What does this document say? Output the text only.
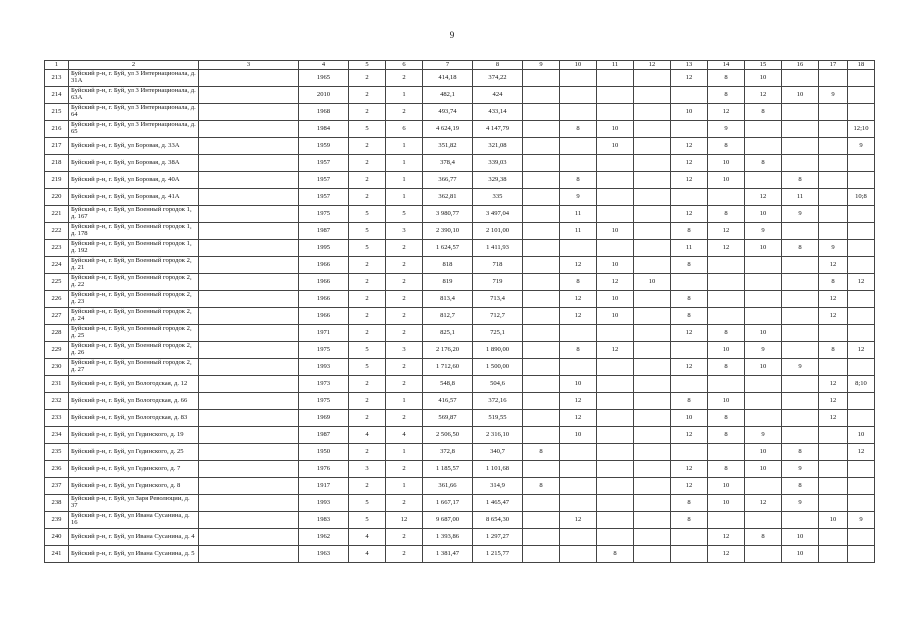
9
1	2	3	4	5	6	7	8	9	10	11	12	13	14	15	16	17	18
213	Буйский р-н, г. Буй, ул 3 Интернационала, д. 31А		1965	2	2	414,18	374,22					12	8	10			
214	Буйский р-н, г. Буй, ул 3 Интернационала, д. 63А		2010	2	1	482,1	424						8	12	10	9	
215	Буйский р-н, г. Буй, ул 3 Интернационала, д. 64		1968	2	2	493,74	433,14					10	12	8			
216	Буйский р-н, г. Буй, ул 3 Интернационала, д. 65		1984	5	6	4 624,19	4 147,79		8	10			9				12;10
217	Буйский р-н, г. Буй, ул Боровая, д. 33А		1959	2	1	351,82	321,08			10		12	8				9
218	Буйский р-н, г. Буй, ул Боровая, д. 38А		1957	2	1	378,4	339,03					12	10	8			
219	Буйский р-н, г. Буй, ул Боровая, д. 40А		1957	2	1	366,77	329,38		8			12	10		8		
220	Буйский р-н, г. Буй, ул Боровая, д. 41А		1957	2	1	362,81	335		9					12	11		10;8
221	Буйский р-н, г. Буй, ул Военный городок 1, д. 167		1975	5	5	3 980,77	3 497,04		11			12	8	10	9		
222	Буйский р-н, г. Буй, ул Военный городок 1, д. 178		1987	5	3	2 390,10	2 101,00		11	10		8	12	9			
223	Буйский р-н, г. Буй, ул Военный городок 1, д. 192		1995	5	2	1 624,57	1 411,93					11	12	10	8	9	
224	Буйский р-н, г. Буй, ул Военный городок 2, д. 21		1966	2	2	818	718		12	10		8				12	
225	Буйский р-н, г. Буй, ул Военный городок 2, д. 22		1966	2	2	819	719		8	12	10					8	12
226	Буйский р-н, г. Буй, ул Военный городок 2, д. 23		1966	2	2	813,4	713,4		12	10		8				12	
227	Буйский р-н, г. Буй, ул Военный городок 2, д. 24		1966	2	2	812,7	712,7		12	10		8				12	
228	Буйский р-н, г. Буй, ул Военный городок 2, д. 25		1971	2	2	825,1	725,1					12	8	10			
229	Буйский р-н, г. Буй, ул Военный городок 2, д. 26		1975	5	3	2 176,20	1 890,00		8	12			10	9		8	12
230	Буйский р-н, г. Буй, ул Военный городок 2, д. 27		1993	5	2	1 712,60	1 500,00					12	8	10	9		
231	Буйский р-н, г. Буй, ул Вологодская, д. 12		1973	2	2	548,8	504,6		10							12	8;10
232	Буйский р-н, г. Буй, ул Вологодская, д. 66		1975	2	1	416,57	372,16		12			8	10			12	
233	Буйский р-н, г. Буй, ул Вологодская, д. 83		1969	2	2	569,87	519,55		12			10	8			12	
234	Буйский р-н, г. Буй, ул Гединского, д. 19		1987	4	4	2 506,50	2 316,10		10			12	8	9			10
235	Буйский р-н, г. Буй, ул Гединского, д. 25		1950	2	1	372,8	340,7	8						10	8		12
236	Буйский р-н, г. Буй, ул Гединского, д. 7		1976	3	2	1 185,57	1 101,68					12	8	10	9		
237	Буйский р-н, г. Буй, ул Гединского, д. 8		1917	2	1	361,66	314,9	8				12	10		8		
238	Буйский р-н, г. Буй, ул Заря Революции, д. 37		1993	5	2	1 667,17	1 465,47					8	10	12	9		
239	Буйский р-н, г. Буй, ул Ивана Сусанина, д. 16		1983	5	12	9 687,00	8 654,30		12			8				10	9
240	Буйский р-н, г. Буй, ул Ивана Сусанина, д. 4		1962	4	2	1 393,86	1 297,27						12	8	10		
241	Буйский р-н, г. Буй, ул Ивана Сусанина, д. 5		1963	4	2	1 381,47	1 215,77			8			12		10		
